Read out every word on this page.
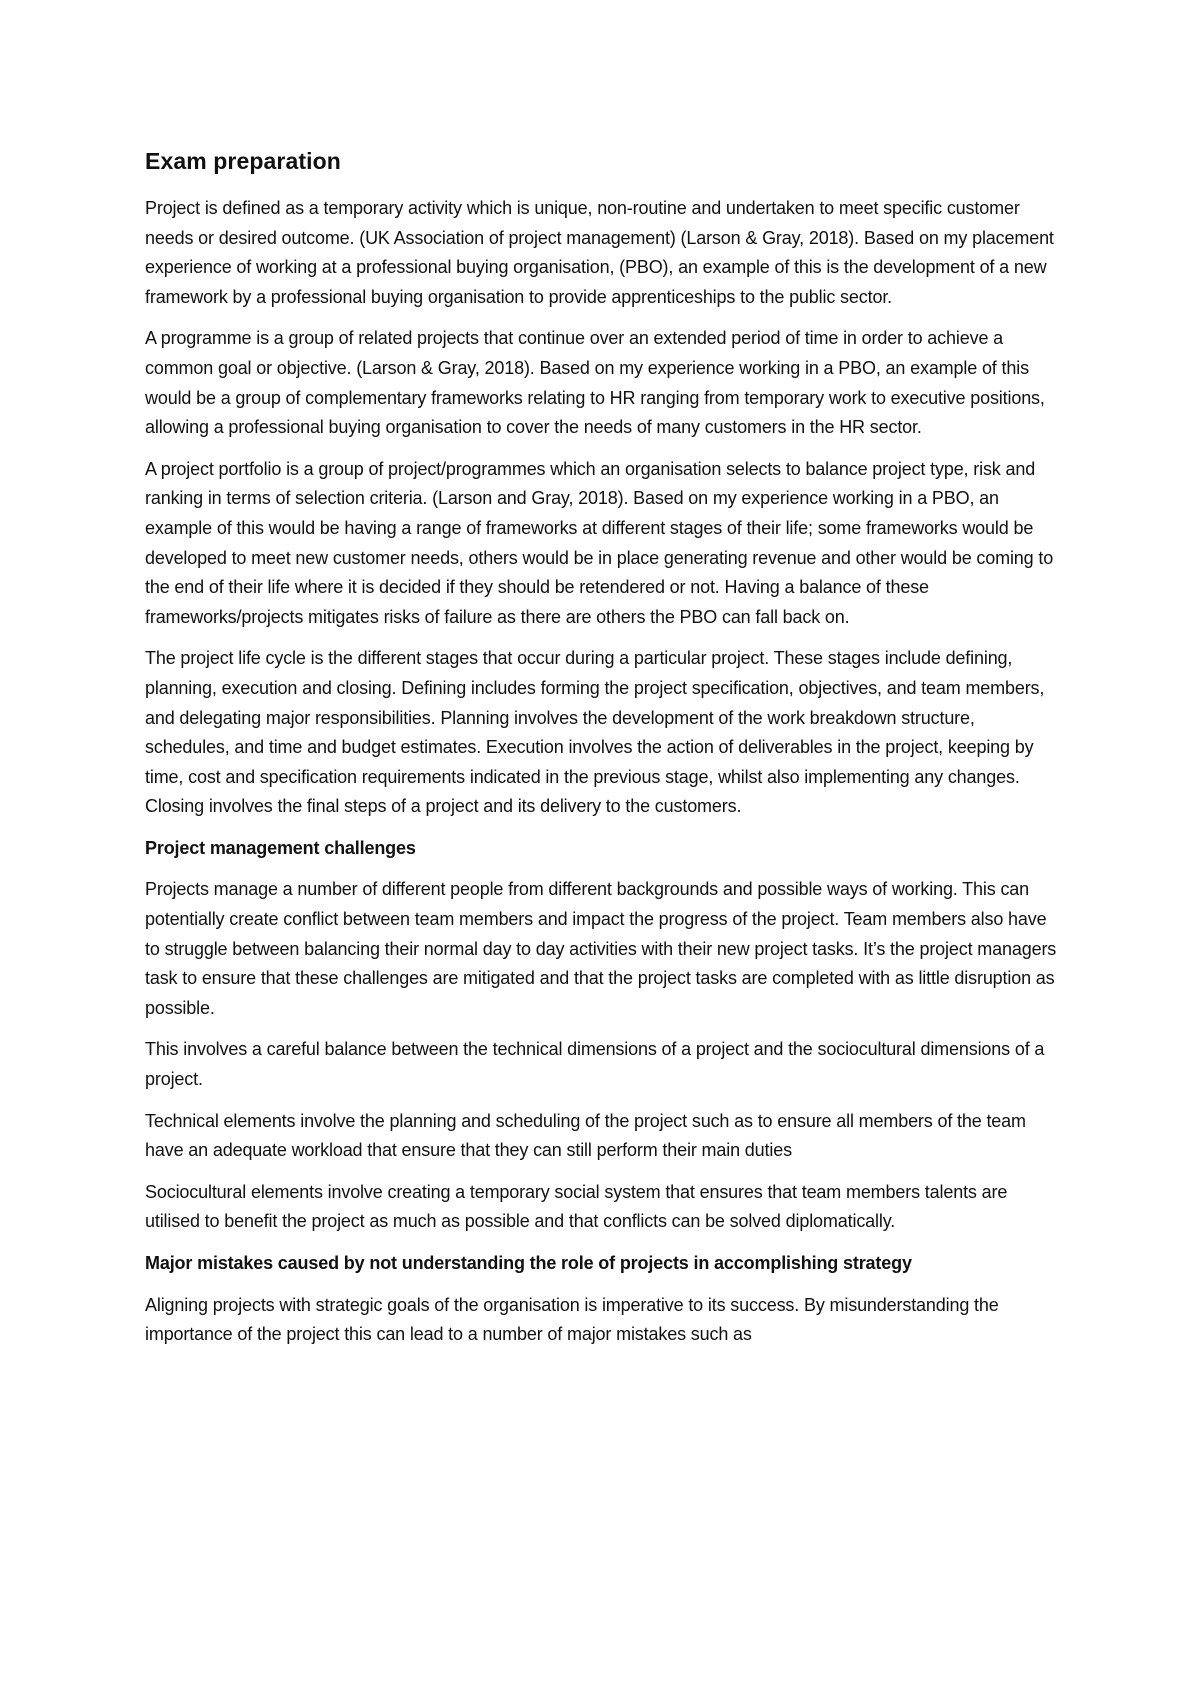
Exam preparation

Project is defined as a temporary activity which is unique, non-routine and undertaken to meet specific customer needs or desired outcome. (UK Association of project management) (Larson & Gray, 2018). Based on my placement experience of working at a professional buying organisation, (PBO), an example of this is the development of a new framework by a professional buying organisation to provide apprenticeships to the public sector.

A programme is a group of related projects that continue over an extended period of time in order to achieve a common goal or objective. (Larson & Gray, 2018). Based on my experience working in a PBO, an example of this would be a group of complementary frameworks relating to HR ranging from temporary work to executive positions, allowing a professional buying organisation to cover the needs of many customers in the HR sector.

A project portfolio is a group of project/programmes which an organisation selects to balance project type, risk and ranking in terms of selection criteria. (Larson and Gray, 2018). Based on my experience working in a PBO, an example of this would be having a range of frameworks at different stages of their life; some frameworks would be developed to meet new customer needs, others would be in place generating revenue and other would be coming to the end of their life where it is decided if they should be retendered or not. Having a balance of these frameworks/projects mitigates risks of failure as there are others the PBO can fall back on.

The project life cycle is the different stages that occur during a particular project. These stages include defining, planning, execution and closing. Defining includes forming the project specification, objectives, and team members, and delegating major responsibilities. Planning involves the development of the work breakdown structure, schedules, and time and budget estimates. Execution involves the action of deliverables in the project, keeping by time, cost and specification requirements indicated in the previous stage, whilst also implementing any changes. Closing involves the final steps of a project and its delivery to the customers.

Project management challenges

Projects manage a number of different people from different backgrounds and possible ways of working. This can potentially create conflict between team members and impact the progress of the project. Team members also have to struggle between balancing their normal day to day activities with their new project tasks. It’s the project managers task to ensure that these challenges are mitigated and that the project tasks are completed with as little disruption as possible.

This involves a careful balance between the technical dimensions of a project and the sociocultural dimensions of a project.

Technical elements involve the planning and scheduling of the project such as to ensure all members of the team have an adequate workload that ensure that they can still perform their main duties

Sociocultural elements involve creating a temporary social system that ensures that team members talents are utilised to benefit the project as much as possible and that conflicts can be solved diplomatically.

Major mistakes caused by not understanding the role of projects in accomplishing strategy

Aligning projects with strategic goals of the organisation is imperative to its success. By misunderstanding the importance of the project this can lead to a number of major mistakes such as
